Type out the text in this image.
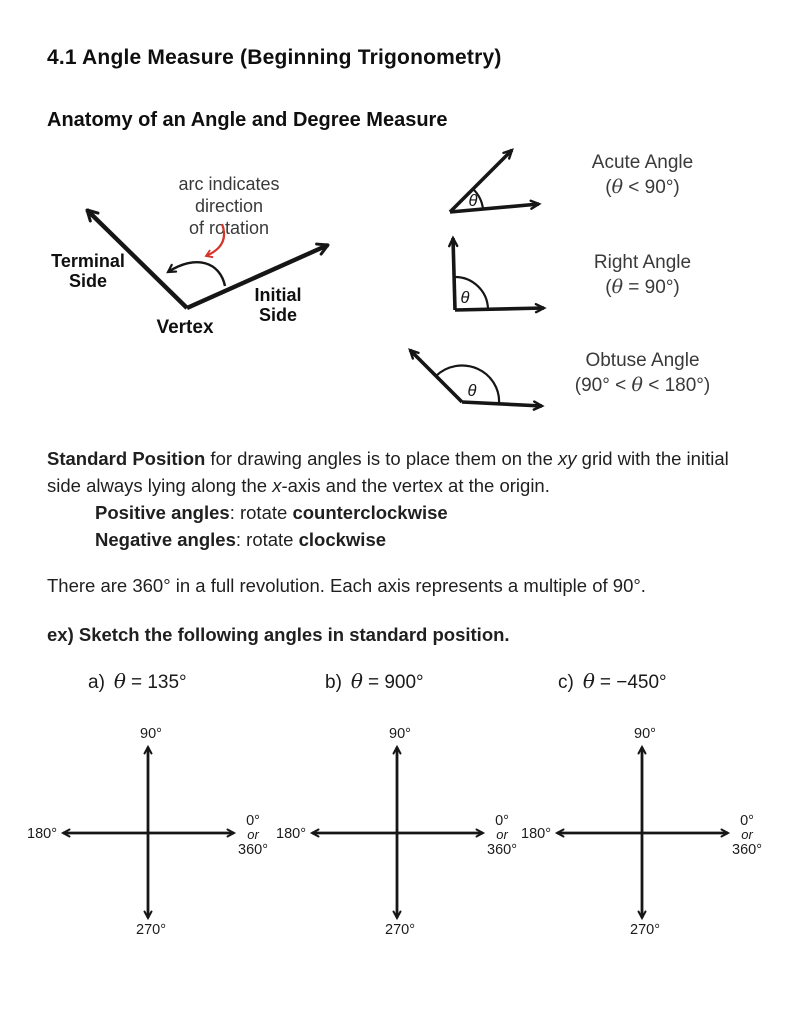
4.1 Angle Measure (Beginning Trigonometry)
Anatomy of an Angle and Degree Measure
arc indicates
direction
of rotation
Terminal
Side
Initial
Side
Vertex
θ
θ
θ
Acute Angle
(θ < 90°)
Right Angle
(θ = 90°)
Obtuse Angle
(90° < θ < 180°)
Standard Position for drawing angles is to place them on the xy grid with the initial
side always lying along the x-axis and the vertex at the origin.
Positive angles: rotate counterclockwise
Negative angles: rotate clockwise
There are 360° in a full revolution. Each axis represents a multiple of 90°.
ex) Sketch the following angles in standard position.
a) θ = 135°	b) θ = 900°	c) θ = −450°
90°
270°
180°
0°
or
360°
90°
270°
180°
0°
or
360°
90°
270°
180°
0°
or
360°
